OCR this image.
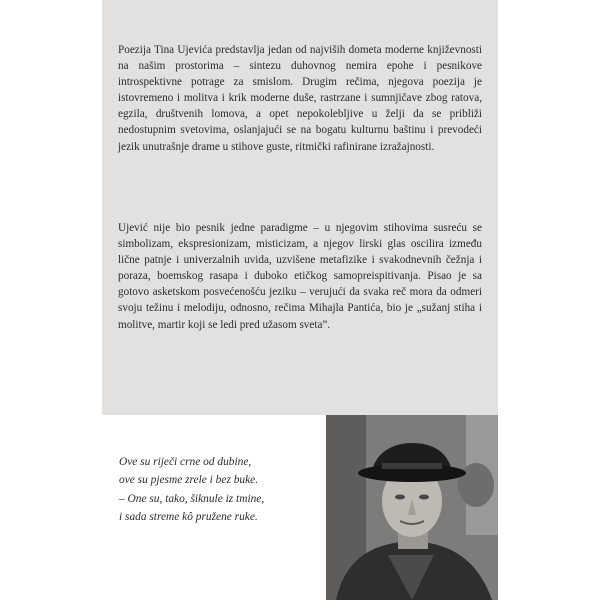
Poezija Tina Ujevića predstavlja jedan od najviših dometa moderne književnosti na našim prostorima – sintezu duhovnog nemira epohe i pesnikove introspektivne potrage za smislom. Drugim rečima, njegova poezija je istovremeno i molitva i krik moderne duše, rastrzane i sumnjičave zbog ratova, egzila, društvenih lomova, a opet nepokolebljive u želji da se približi nedostupnim svetovima, oslanjajući se na bogatu kulturnu baštinu i prevodeći jezik unutrašnje drame u stihove guste, ritmički rafinirane izražajnosti.

Ujević nije bio pesnik jedne paradigme – u njegovim stihovima susreću se simbolizam, ekspresionizam, misticizam, a njegov lirski glas oscilira između lične patnje i univerzalnih uvida, uzvišene metafizike i svakodnevnih čežnja i poraza, boemskog rasapa i duboko etičkog samopreispitivanja. Pisao je sa gotovo asketskom posvećenošću jeziku – verujući da svaka reč mora da odmeri svoju težinu i melodiju, odnosno, rečima Mihajla Pantića, bio je „sužanj stiha i molitve, martir koji se ledi pred užasom sveta”.

Ove su riječi crne od dubine,
ove su pjesme zrele i bez buke.
– One su, tako, šiknule iz tmine,
i sada streme kô pružene ruke.
